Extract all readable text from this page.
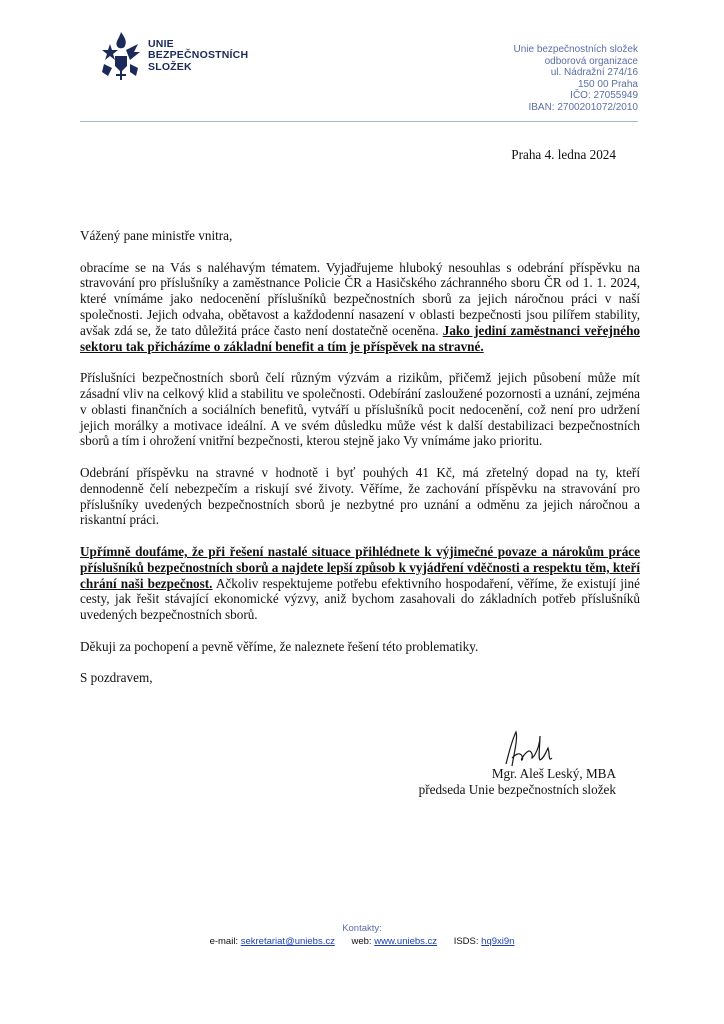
UNIE
BEZPEČNOSTNÍCH
SLOŽEK
Unie bezpečnostních složek
odborová organizace
ul. Nádražní 274/16
150 00 Praha
IČO: 27055949
IBAN: 2700201072/2010
Praha 4. ledna 2024

Vážený pane ministře vnitra,

obracíme se na Vás s naléhavým tématem. Vyjadřujeme hluboký nesouhlas s odebrání příspěvku na stravování pro příslušníky a zaměstnance Policie ČR a Hasičského záchranného sboru ČR od 1. 1. 2024, které vnímáme jako nedocenění příslušníků bezpečnostních sborů za jejich náročnou práci v naší společnosti. Jejich odvaha, obětavost a každodenní nasazení v oblasti bezpečnosti jsou pilířem stability, avšak zdá se, že tato důležitá práce často není dostatečně oceněna. Jako jediní zaměstnanci veřejného sektoru tak přicházíme o základní benefit a tím je příspěvek na stravné.

Příslušníci bezpečnostních sborů čelí různým výzvám a rizikům, přičemž jejich působení může mít zásadní vliv na celkový klid a stabilitu ve společnosti. Odebírání zasloužené pozornosti a uznání, zejména v oblasti finančních a sociálních benefitů, vytváří u příslušníků pocit nedocenění, což není pro udržení jejich morálky a motivace ideální. A ve svém důsledku může vést k další destabilizaci bezpečnostních sborů a tím i ohrožení vnitřní bezpečnosti, kterou stejně jako Vy vnímáme jako prioritu.

Odebrání příspěvku na stravné v hodnotě i byť pouhých 41 Kč, má zřetelný dopad na ty, kteří dennodenně čelí nebezpečím a riskují své životy. Věříme, že zachování příspěvku na stravování pro příslušníky uvedených bezpečnostních sborů je nezbytné pro uznání a odměnu za jejich náročnou a riskantní práci.

Upřímně doufáme, že při řešení nastalé situace přihlédnete k výjimečné povaze a nárokům práce příslušníků bezpečnostních sborů a najdete lepší způsob k vyjádření vděčnosti a respektu těm, kteří chrání naši bezpečnost. Ačkoliv respektujeme potřebu efektivního hospodaření, věříme, že existují jiné cesty, jak řešit stávající ekonomické výzvy, aniž bychom zasahovali do základních potřeb příslušníků uvedených bezpečnostních sborů.

Děkuji za pochopení a pevně věříme, že naleznete řešení této problematiky.

S pozdravem,

Mgr. Aleš Leský, MBA
předseda Unie bezpečnostních složek
Kontakty:
e-mail: sekretariat@uniebs.cz web: www.uniebs.cz ISDS: hq9xi9n
